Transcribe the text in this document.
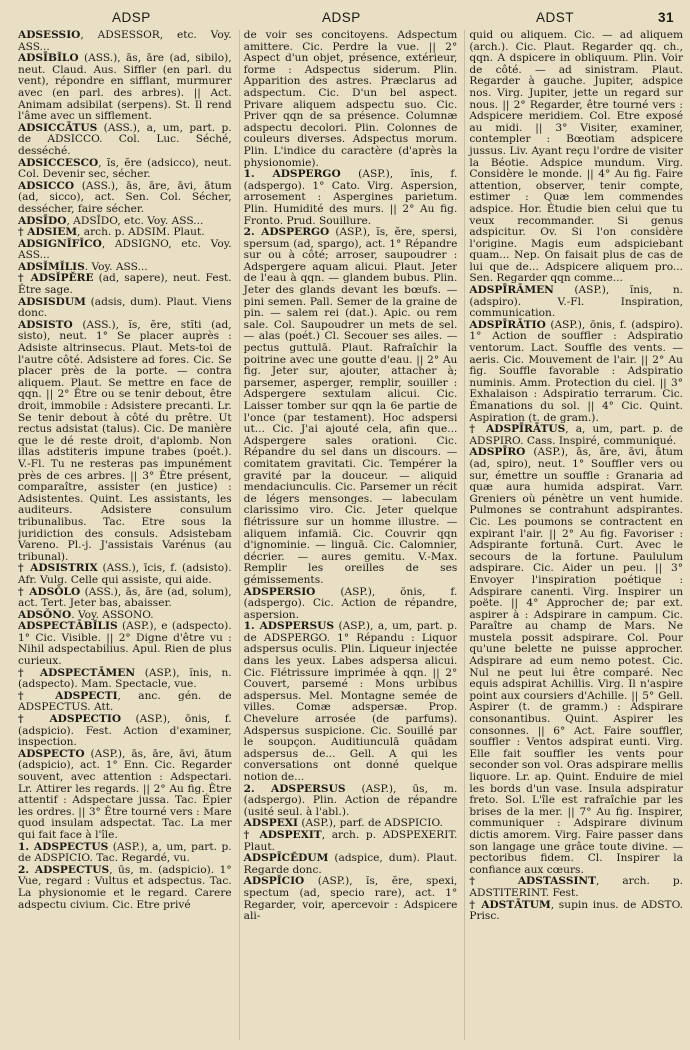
ADSP	ADSP	ADST	31

ADSESSIO, ADSESSOR, etc. Voy. ASS...

ADSĪBĬLO (ASS.), ās, āre (ad, sibilo), neut. Claud. Aus. Siffler (en parl. du vent), répondre en sifflant, murmurer avec (en parl. des arbres). || Act. Animam adsibilat (serpens). St. Il rend l'âme avec un sifflement.

ADSICCĀTUS (ASS.), a, um, part. p. de ADSICCO. Col. Luc. Séché, desséché.

ADSICCESCO, ĭs, ĕre (adsicco), neut. Col. Devenir sec, sécher.

ADSICCO (ASS.), ās, āre, āvi, ātum (ad, sicco), act. Sen. Col. Sécher, dessécher, faire sécher.

ADSĪDO, ADSĪDO, etc. Voy. ASS...

† ADSIEM, arch. p. ADSIM. Plaut.

ADSIGNĬFĬCO, ADSIGNO, etc. Voy. ASS...

ADSĬMĬLIS. Voy. ASS...

† ADSĬPĔRE (ad, sapere), neut. Fest. Être sage.

ADSISDUM (adsis, dum). Plaut. Viens donc.

ADSISTO (ASS.), ĭs, ĕre, stĭti (ad, sisto), neut. 1° Se placer auprès : Adsiste altrinsecus. Plaut. Mets-toi de l'autre côté. Adsistere ad fores. Cic. Se placer près de la porte. — contra aliquem. Plaut. Se mettre en face de qqn. || 2° Être ou se tenir debout, être droit, immobile : Adsistere precanti. Lr. Se tenir debout à côté du prêtre. Ut rectus adsistat (talus). Cic. De manière que le dé reste droit, d'aplomb. Non illas adstiteris impune trabes (poét.). V.-Fl. Tu ne resteras pas impunément près de ces arbres. || 3° Être présent, comparaître, assister (en justice) : Adsistentes. Quint. Les assistants, les auditeurs. Adsistere consulum tribunalibus. Tac. Etre sous la juridiction des consuls. Adsistebam Vareno. Pl.-j. J'assistais Varénus (au tribunal).

† ADSISTRIX (ASS.), īcis, f. (adsisto). Afr. Vulg. Celle qui assiste, qui aide.

† ADSŎLO (ASS.), ās, āre (ad, solum), act. Tert. Jeter bas, abaisser.

ADSŎNO. Voy. ASSONO.

ADSPECTĀBĬLIS (ASP.), e (adspecto). 1° Cic. Visible. || 2° Digne d'être vu : Nihil adspectabilius. Apul. Rien de plus curieux.

† ADSPECTĀMEN (ASP.), ĭnis, n. (adspecto). Mam. Spectacle, vue.

† ADSPECTI, anc. gén. de ADSPECTUS. Att.

† ADSPECTIO (ASP.), ōnis, f. (adspicio). Fest. Action d'examiner, inspection.

ADSPECTO (ASP.), ās, āre, āvi, ātum (adspicio), act. 1° Enn. Cic. Regarder souvent, avec attention : Adspectari. Lr. Attirer les regards. || 2° Au fig. Être attentif : Adspectare jussa. Tac. Épier les ordres. || 3° Être tourné vers : Mare quod insulam adspectat. Tac. La mer qui fait face à l'île.

1. ADSPECTUS (ASP.), a, um, part. p. de ADSPICIO. Tac. Regardé, vu.

2. ADSPECTUS, ūs, m. (adspicio). 1° Vue, regard : Vultus et adspectus. Tac. La physionomie et le regard. Carere adspectu civium. Cic. Etre privé

de voir ses concitoyens. Adspectum amittere. Cic. Perdre la vue. || 2° Aspect d'un objet, présence, extérieur, forme : Adspectus siderum. Plin. Apparition des astres. Præclarus ad adspectum. Cic. D'un bel aspect. Privare aliquem adspectu suo. Cic. Priver qqn de sa présence. Columnæ adspectu decolori. Plin. Colonnes de couleurs diverses. Adspectus morum. Plin. L'indice du caractère (d'après la physionomie).

1. ADSPERGO (ASP.), ĭnis, f. (adspergo). 1° Cato. Virg. Aspersion, arrosement : Aspergines parietum. Plin. Humidité des murs. || 2° Au fig. Fronto. Prud. Souillure.

2. ADSPERGO (ASP.), ĭs, ĕre, spersi, spersum (ad, spargo), act. 1° Répandre sur ou à côté; arroser, saupoudrer : Adspergere aquam alicui. Plaut. Jeter de l'eau à qqn. — glandem bubus. Plin. Jeter des glands devant les bœufs. — pini semen. Pall. Semer de la graine de pin. — salem rei (dat.). Apic. ou rem sale. Col. Saupoudrer un mets de sel. — alas (poét.) Cl. Secouer ses ailes. — pectus guttulā. Plaut. Rafraîchir la poitrine avec une goutte d'eau. || 2° Au fig. Jeter sur, ajouter, attacher à; parsemer, asperger, remplir, souiller : Adspergere sextulam alicui. Cic. Laisser tomber sur qqn la 6e partie de l'once (par testament). Hoc adspersi ut... Cic. J'ai ajouté cela, afin que... Adspergere sales orationi. Cic. Répandre du sel dans un discours. — comitatem gravitati. Cic. Tempérer la gravité par la douceur. — aliquid mendaciunculis. Cic. Parsemer un récit de légers mensonges. — labeculam clarissimo viro. Cic. Jeter quelque flétrissure sur un homme illustre. — aliquem infamiā. Cic. Couvrir qqn d'ignominie. — linguā. Cic. Calomnier, décrier. — aures gemitu. V.-Max. Remplir les oreilles de ses gémissements.

ADSPERSIO (ASP.), ōnis, f. (adspergo). Cic. Action de répandre, aspersion.

1. ADSPERSUS (ASP.), a, um, part. p. de ADSPERGO. 1° Répandu : Liquor adspersus oculis. Plin. Liqueur injectée dans les yeux. Labes adspersa alicui. Cic. Flétrissure imprimée à qqn. || 2° Couvert, parsemé : Mons urbibus adspersus. Mel. Montagne semée de villes. Comæ adspersæ. Prop. Chevelure arrosée (de parfums). Adspersus suspicione. Cic. Souillé par le soupçon. Auditiunculā quādam adspersus de... Gell. A qui les conversations ont donné quelque notion de...

2. ADSPERSUS (ASP.), ūs, m. (adspergo). Plin. Action de répandre (usité seul. à l'abl.).

ADSPEXI (ASP.), parf. de ADSPICIO.

† ADSPEXIT, arch. p. ADSPEXERIT. Plaut.

ADSPĪCĔDUM (adspice, dum). Plaut. Regarde donc.

ADSPĬCIO (ASP.), ĭs, ĕre, spexi, spectum (ad, specio rare), act. 1° Regarder, voir, apercevoir : Adspicere ali-

quid ou aliquem. Cic. — ad aliquem (arch.). Cic. Plaut. Regarder qq. ch., qqn. A dspicere in obliquum. Plin. Voir de côté. — ad sinistram. Plaut. Regarder à gauche. Jupiter, adspice nos. Virg. Jupiter, jette un regard sur nous. || 2° Regarder, être tourné vers : Adspicere meridiem. Col. Etre exposé au midi. || 3° Visiter, examiner, contempler : Bœotiam adspicere jussus. Liv. Ayant reçu l'ordre de visiter la Béotie. Adspice mundum. Virg. Considère le monde. || 4° Au fig. Faire attention, observer, tenir compte, estimer : Quæ lem commendes adspice. Hor. Étudie bien celui que tu veux recommander. Si genus adspicitur. Ov. Si l'on considère l'origine. Magis eum adspiciebant quam... Nep. On faisait plus de cas de lui que de... Adspicere aliquem pro... Sen. Regarder qqn comme...

ADSPĪRĀMEN (ASP.), ĭnis, n. (adspiro). V.-Fl. Inspiration, communication.

ADSPĪRĀTIO (ASP.), ōnis, f. (adspiro). 1° Action de souffler : Adspiratio ventorum. Lact. Souffle des vents. — aeris. Cic. Mouvement de l'air. || 2° Au fig. Souffle favorable : Adspiratio numinis. Amm. Protection du ciel. || 3° Exhalaison : Adspiratio terrarum. Cic. Émanations du sol. || 4° Cic. Quint. Aspiration (t. de gram.).

† ADSPĪRĀTUS, a, um, part. p. de ADSPIRO. Cass. Inspiré, communiqué.

ADSPĪRO (ASP.), ās, āre, āvi, ātum (ad, spiro), neut. 1° Souffler vers ou sur, émettre un souffle : Granaria ad quæ aura humida adspirat. Varr. Greniers où pénètre un vent humide. Pulmones se contrahunt adspirantes. Cic. Les poumons se contractent en expirant l'air. || 2° Au fig. Favoriser : Adspirante fortunā. Curt. Avec le secours de la fortune. Paululum adspirare. Cic. Aider un peu. || 3° Envoyer l'inspiration poétique : Adspirare canenti. Virg. Inspirer un poëte. || 4° Approcher de; par ext. aspirer à : Adspirare in campum. Cic. Paraître au champ de Mars. Ne mustela possit adspirare. Col. Pour qu'une belette ne puisse approcher. Adspirare ad eum nemo potest. Cic. Nul ne peut lui être comparé. Nec equis adspirat Achillis. Virg. Il n'aspire point aux coursiers d'Achille. || 5° Gell. Aspirer (t. de gramm.) : Adspirare consonantibus. Quint. Aspirer les consonnes. || 6° Act. Faire souffler, souffler : Ventos adspirat eunti. Virg. Elle fait souffler les vents pour seconder son vol. Oras adspirare mellis liquore. Lr. ap. Quint. Enduire de miel les bords d'un vase. Insula adspiratur freto. Sol. L'île est rafraîchie par les brises de la mer. || 7° Au fig. Inspirer, communiquer : Adspirare divinum dictis amorem. Virg. Faire passer dans son langage une grâce toute divine. — pectoribus fidem. Cl. Inspirer la confiance aux cœurs.

† ADSTASSINT, arch. p. ADSTITERINT. Fest.

† ADSTĀTUM, supin inus. de ADSTO. Prisc.
